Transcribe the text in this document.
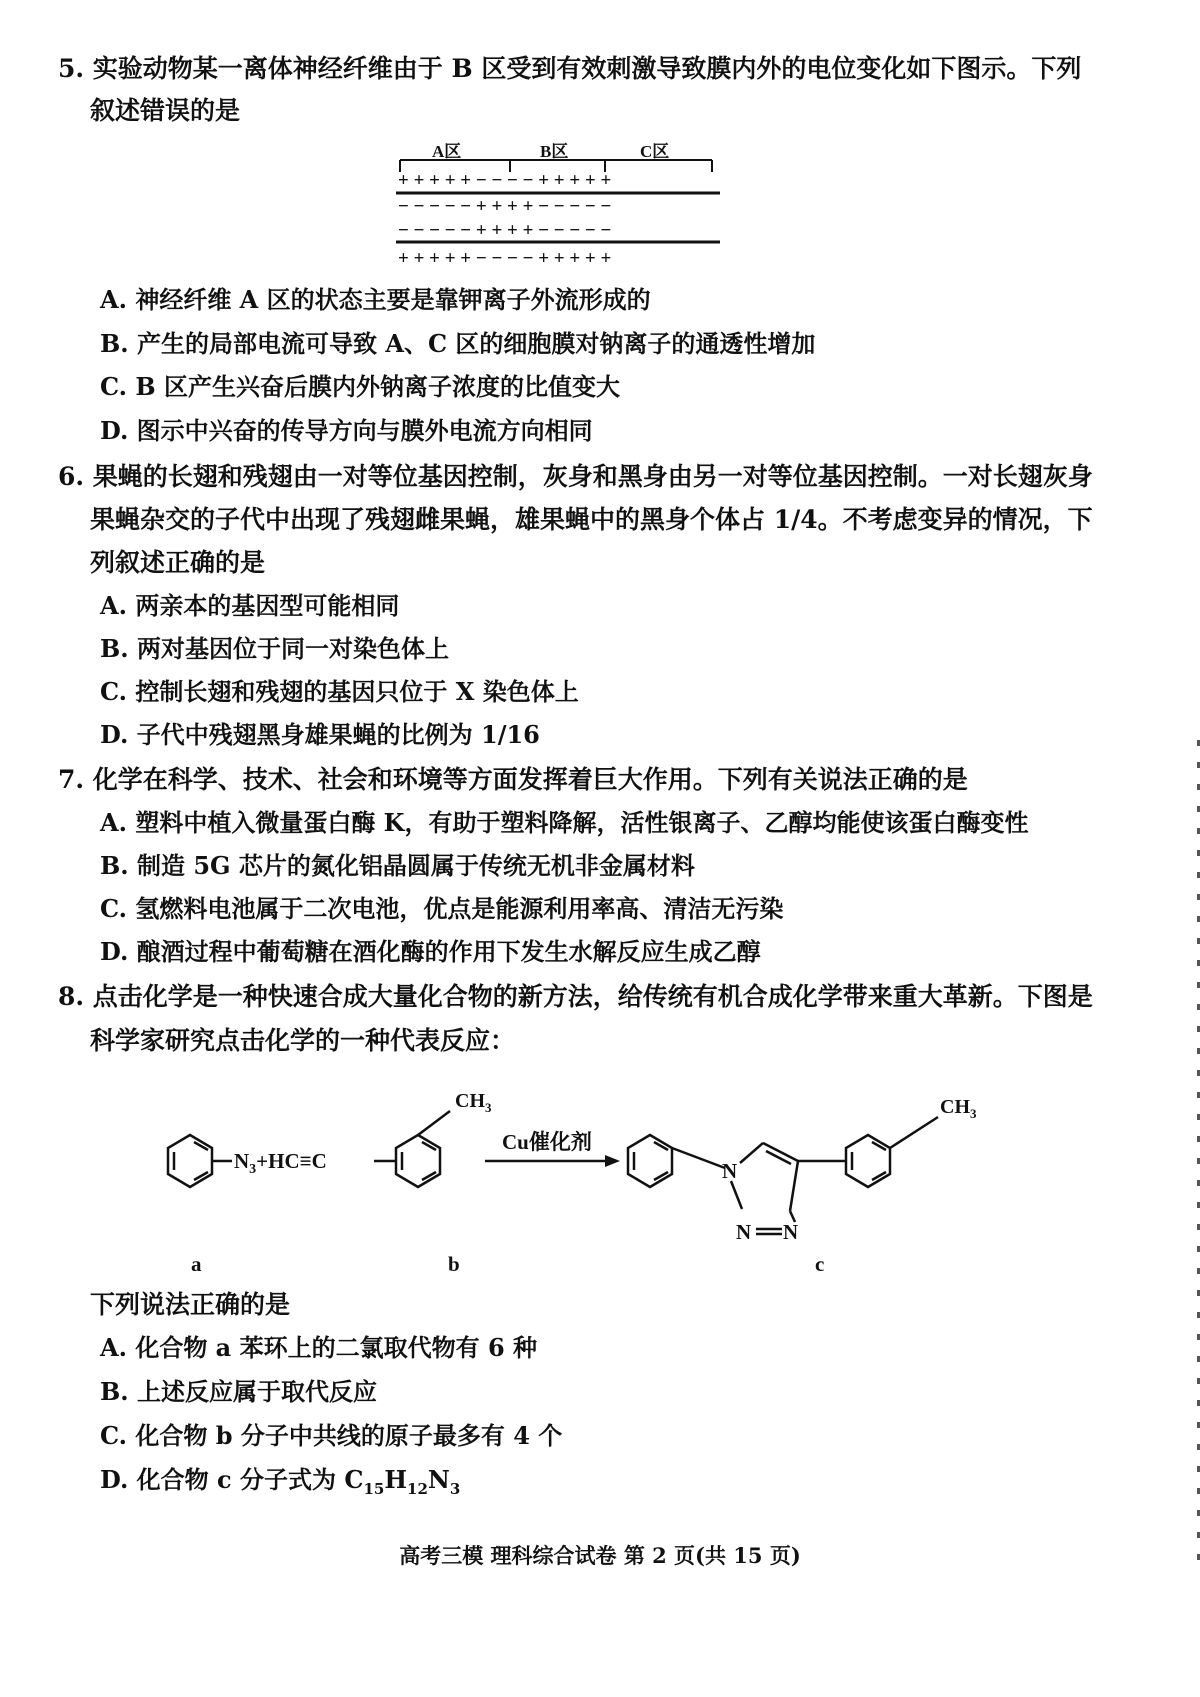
5. 实验动物某一离体神经纤维由于 B 区受到有效刺激导致膜内外的电位变化如下图示。下列
叙述错误的是
A区	B区	C区
+ + + + + − − − − + + + + +
− − − − − + + + + − − − − −
− − − − − + + + + − − − − −
+ + + + + − − − − + + + + +
A. 神经纤维 A 区的状态主要是靠钾离子外流形成的
B. 产生的局部电流可导致 A、C 区的细胞膜对钠离子的通透性增加
C. B 区产生兴奋后膜内外钠离子浓度的比值变大
D. 图示中兴奋的传导方向与膜外电流方向相同
6. 果蝇的长翅和残翅由一对等位基因控制，灰身和黑身由另一对等位基因控制。一对长翅灰身
果蝇杂交的子代中出现了残翅雌果蝇，雄果蝇中的黑身个体占 1/4。不考虑变异的情况，下
列叙述正确的是
A. 两亲本的基因型可能相同
B. 两对基因位于同一对染色体上
C. 控制长翅和残翅的基因只位于 X 染色体上
D. 子代中残翅黑身雄果蝇的比例为 1/16
7. 化学在科学、技术、社会和环境等方面发挥着巨大作用。下列有关说法正确的是
A. 塑料中植入微量蛋白酶 K，有助于塑料降解，活性银离子、乙醇均能使该蛋白酶变性
B. 制造 5G 芯片的氮化铝晶圆属于传统无机非金属材料
C. 氢燃料电池属于二次电池，优点是能源利用率高、清洁无污染
D. 酿酒过程中葡萄糖在酒化酶的作用下发生水解反应生成乙醇
8. 点击化学是一种快速合成大量化合物的新方法，给传统有机合成化学带来重大革新。下图是
科学家研究点击化学的一种代表反应：
$N_3+HC\equiv C$
$CH_3$
Cu催化剂
N
N N
$CH_3$
a	b	c
下列说法正确的是
A. 化合物 a 苯环上的二氯取代物有 6 种
B. 上述反应属于取代反应
C. 化合物 b 分子中共线的原子最多有 4 个
D. 化合物 c 分子式为 $C_{15}H_{12}N_3$
高考三模 理科综合试卷 第 2 页(共 15 页)
